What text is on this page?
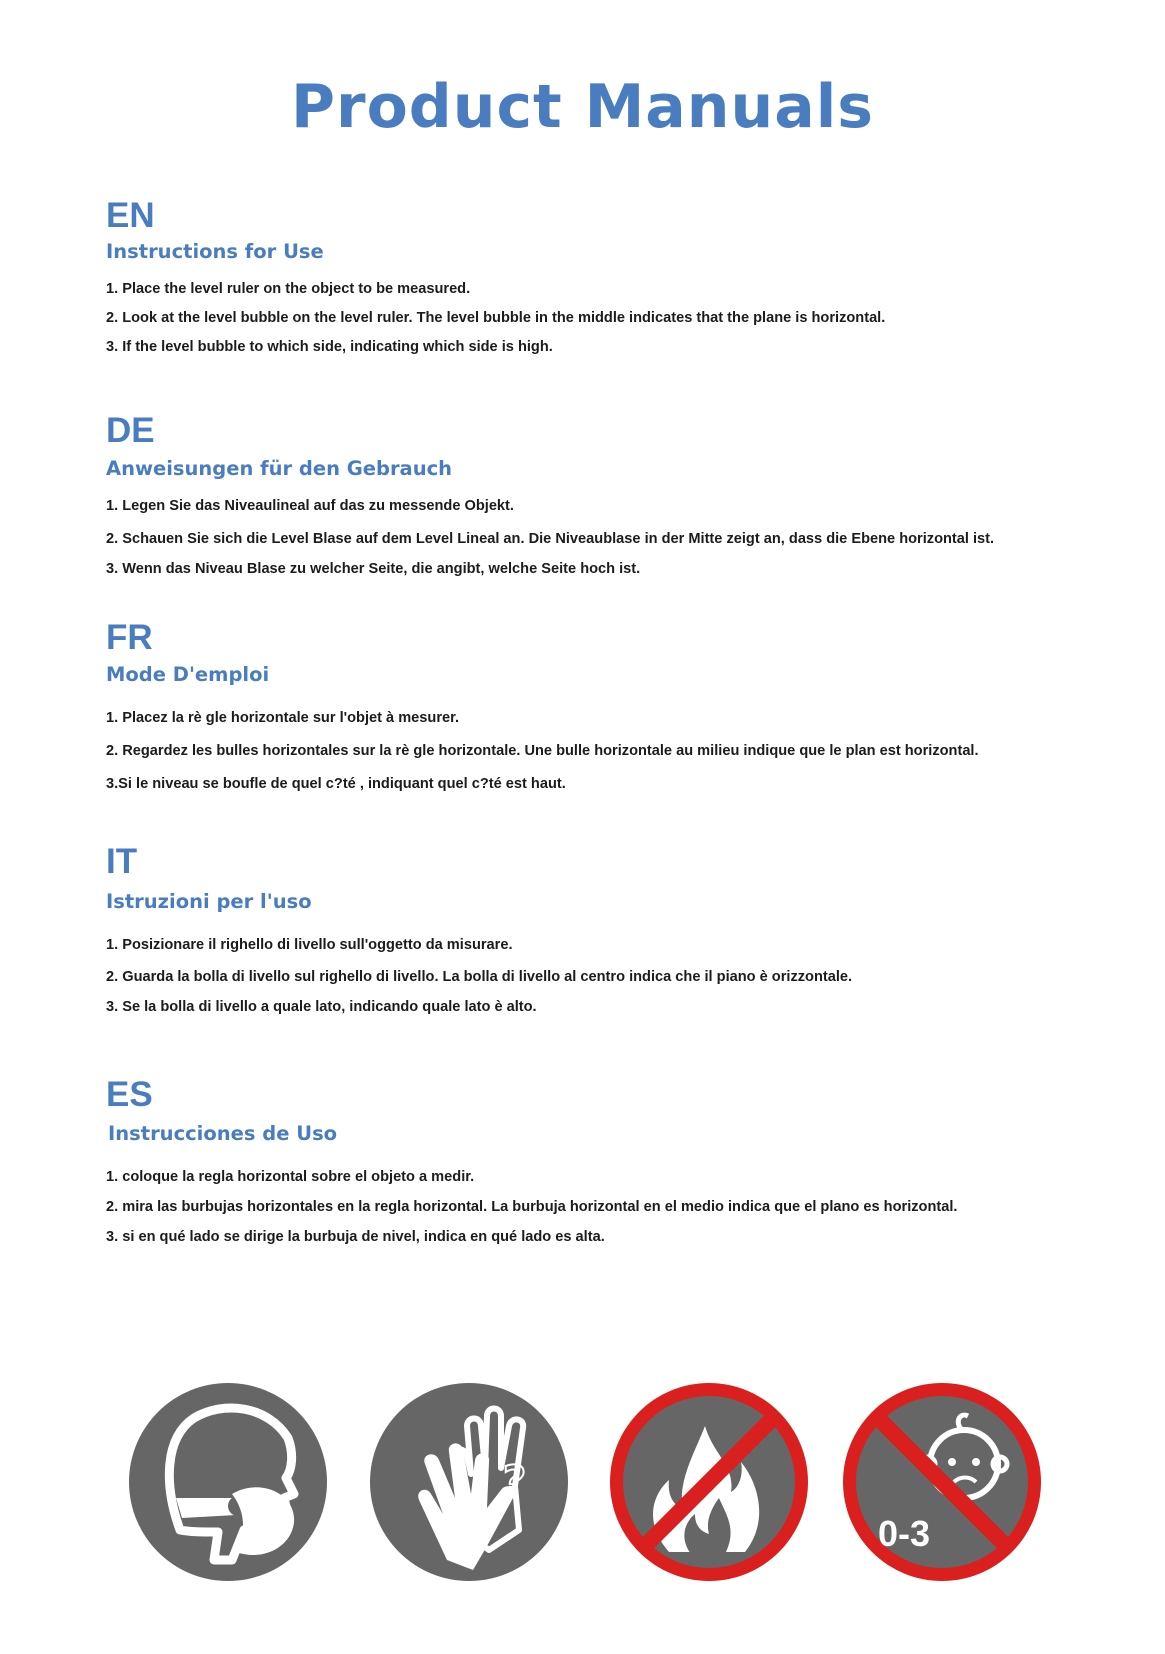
Product Manuals
EN
Instructions for Use
1. Place the level ruler on the object to be measured.
2. Look at the level bubble on the level ruler. The level bubble in the middle indicates that the plane is horizontal.
3. If the level bubble to which side, indicating which side is high.
DE
Anweisungen für den Gebrauch
1. Legen Sie das Niveaulineal auf das zu messende Objekt.
2. Schauen Sie sich die Level Blase auf dem Level Lineal an. Die Niveaublase in der Mitte zeigt an, dass die Ebene horizontal ist.
3. Wenn das Niveau Blase zu welcher Seite, die angibt, welche Seite hoch ist.
FR
Mode D'emploi
1. Placez la rè gle horizontale sur l'objet à mesurer.
2. Regardez les bulles horizontales sur la rè gle horizontale. Une bulle horizontale au milieu indique que le plan est horizontal.
3.Si le niveau se boufle de quel c?té , indiquant quel c?té est haut.
IT
Istruzioni per l'uso
1. Posizionare il righello di livello sull'oggetto da misurare.
2. Guarda la bolla di livello sul righello di livello. La bolla di livello al centro indica che il piano è orizzontale.
3. Se la bolla di livello a quale lato, indicando quale lato è alto.
ES
Instrucciones de Uso
1. coloque la regla horizontal sobre el objeto a medir.
2. mira las burbujas horizontales en la regla horizontal. La burbuja horizontal en el medio indica que el plano es horizontal.
3. si en qué lado se dirige la burbuja de nivel, indica en qué lado es alta.
?
0-3
